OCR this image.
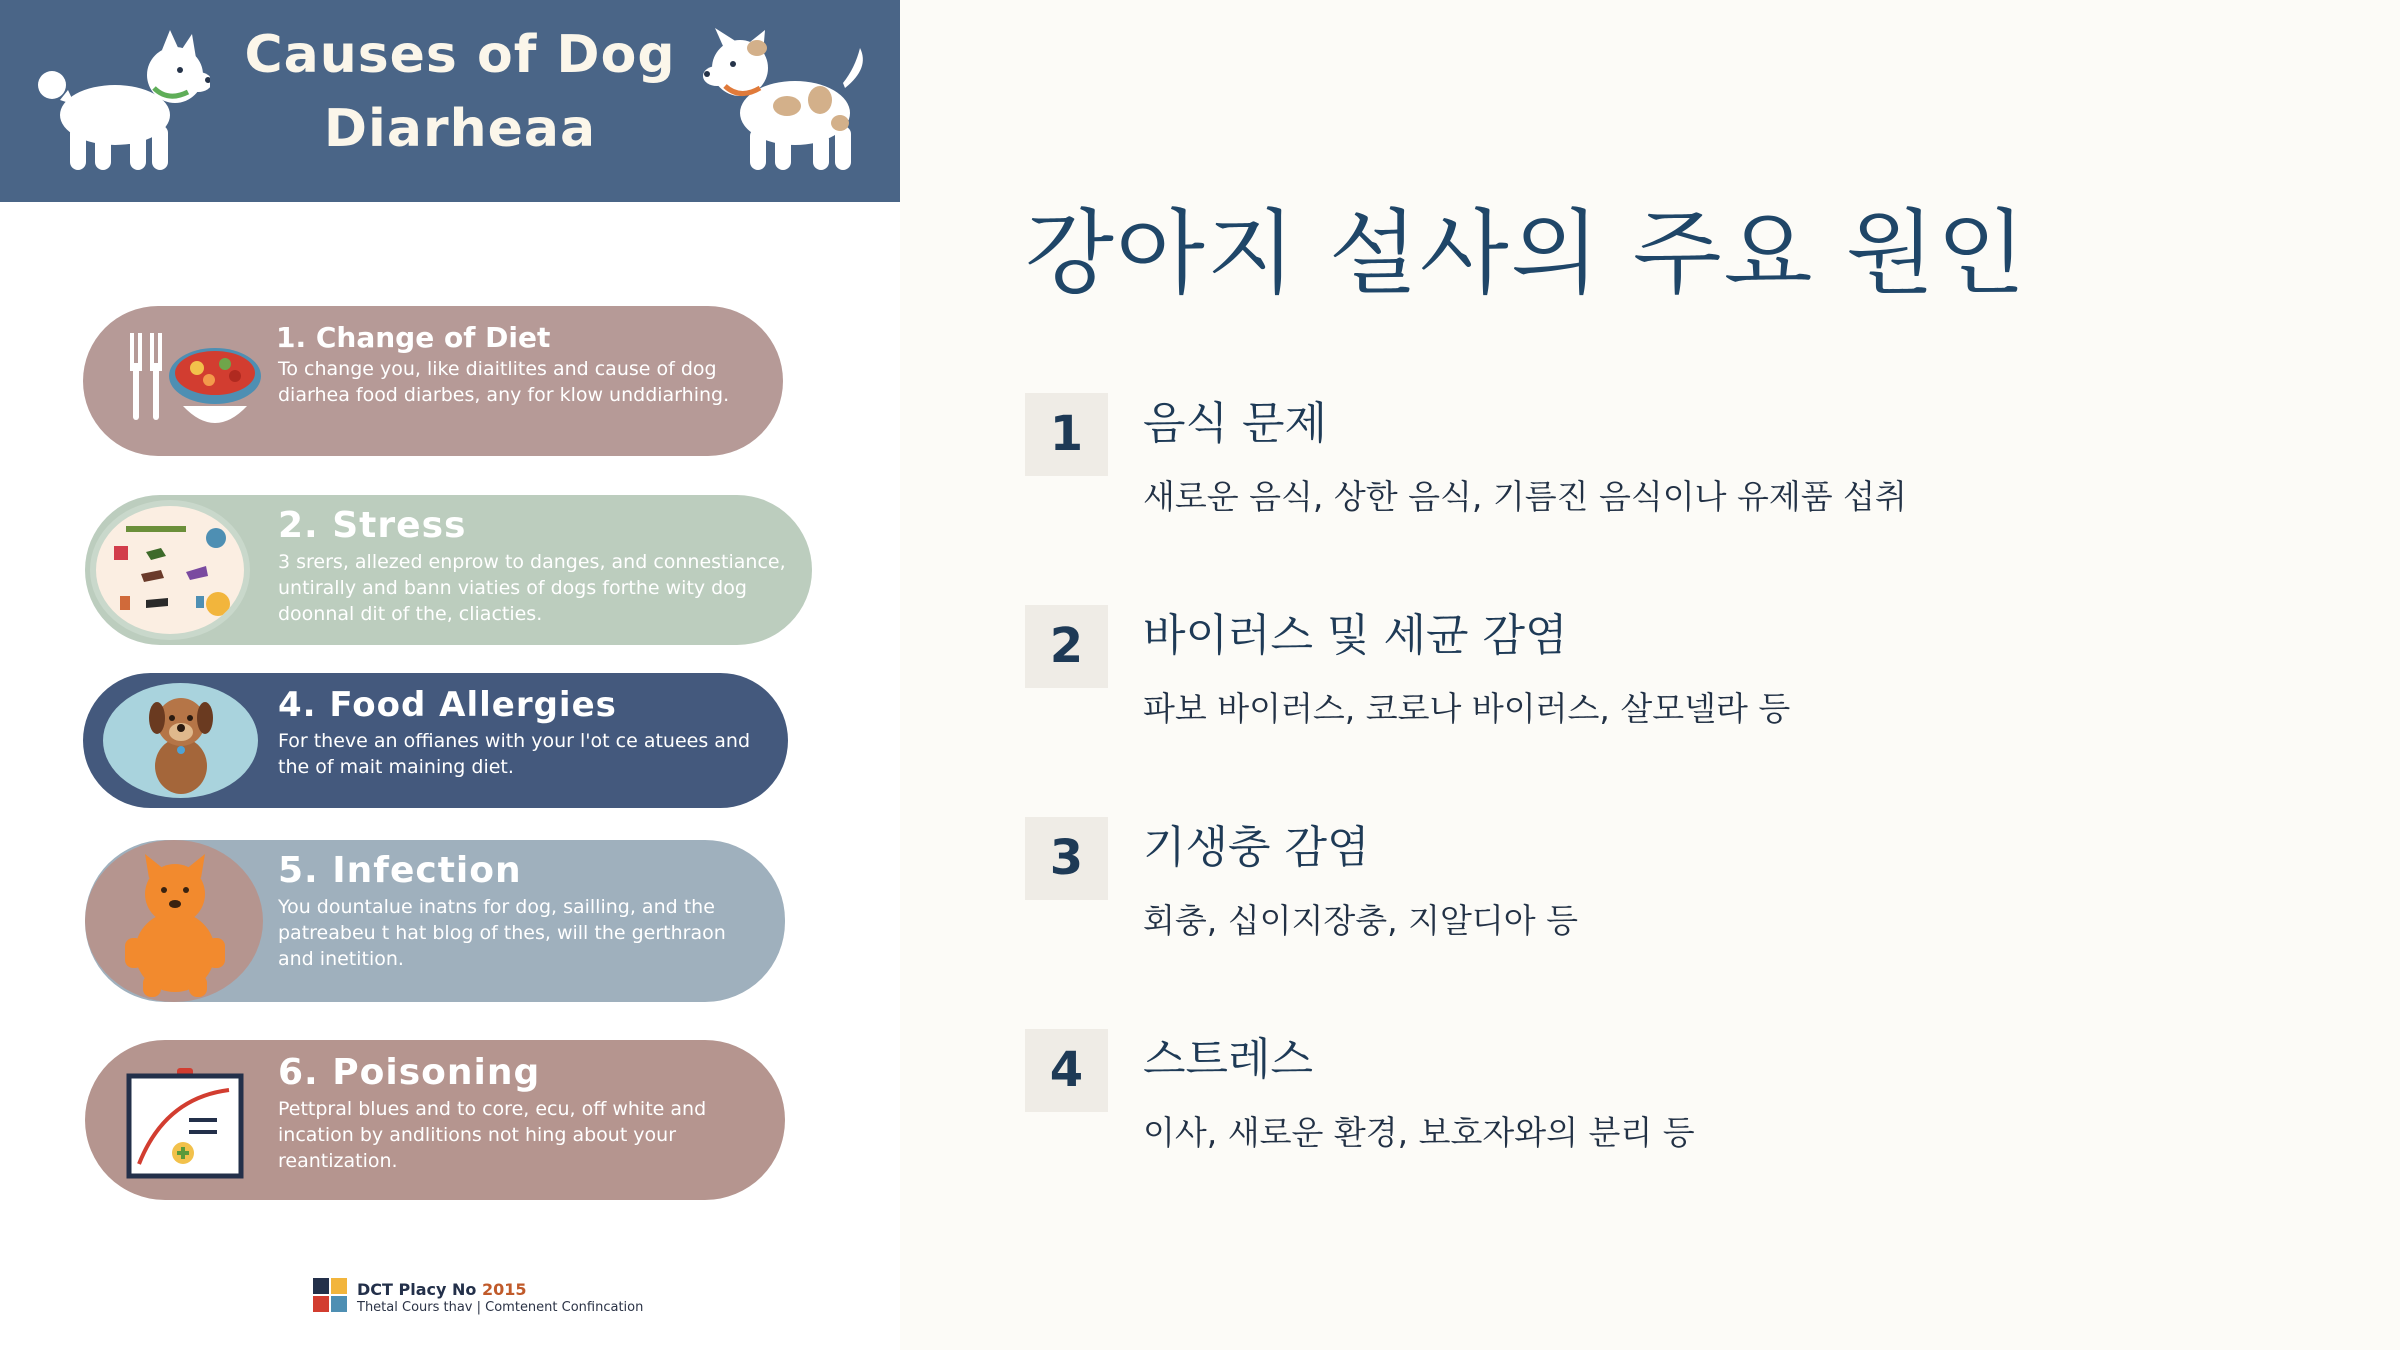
Causes of Dog
Diarheaa
1. Change of Diet
To change you, like diaitlites and cause of dog diarhea food diarbes, any for klow unddiarhing.
2. Stress
3 srers, allezed enprow to danges, and connestiance, untirally and bann viaties of dogs forthe wity dog doonnal dit of the, cliacties.
4. Food Allergies
For theve an offianes with your l'ot ce atuees and the of mait maining diet.
5. Infection
You dountalue inatns for dog, sailling, and the patreabeu t hat blog of thes, will the gerthraon and inetition.
6. Poisoning
Pettpral blues and to core, ecu, off white and incation by andlitions not hing about your reantization.
DCT Placy No 2015
Thetal Cours thav | Comtenent Confincation
강아지 설사의 주요 원인
1	음식 문제
새로운 음식, 상한 음식, 기름진 음식이나 유제품 섭취
2	바이러스 및 세균 감염
파보 바이러스, 코로나 바이러스, 살모넬라 등
3	기생충 감염
회충, 십이지장충, 지알디아 등
4	스트레스
이사, 새로운 환경, 보호자와의 분리 등
